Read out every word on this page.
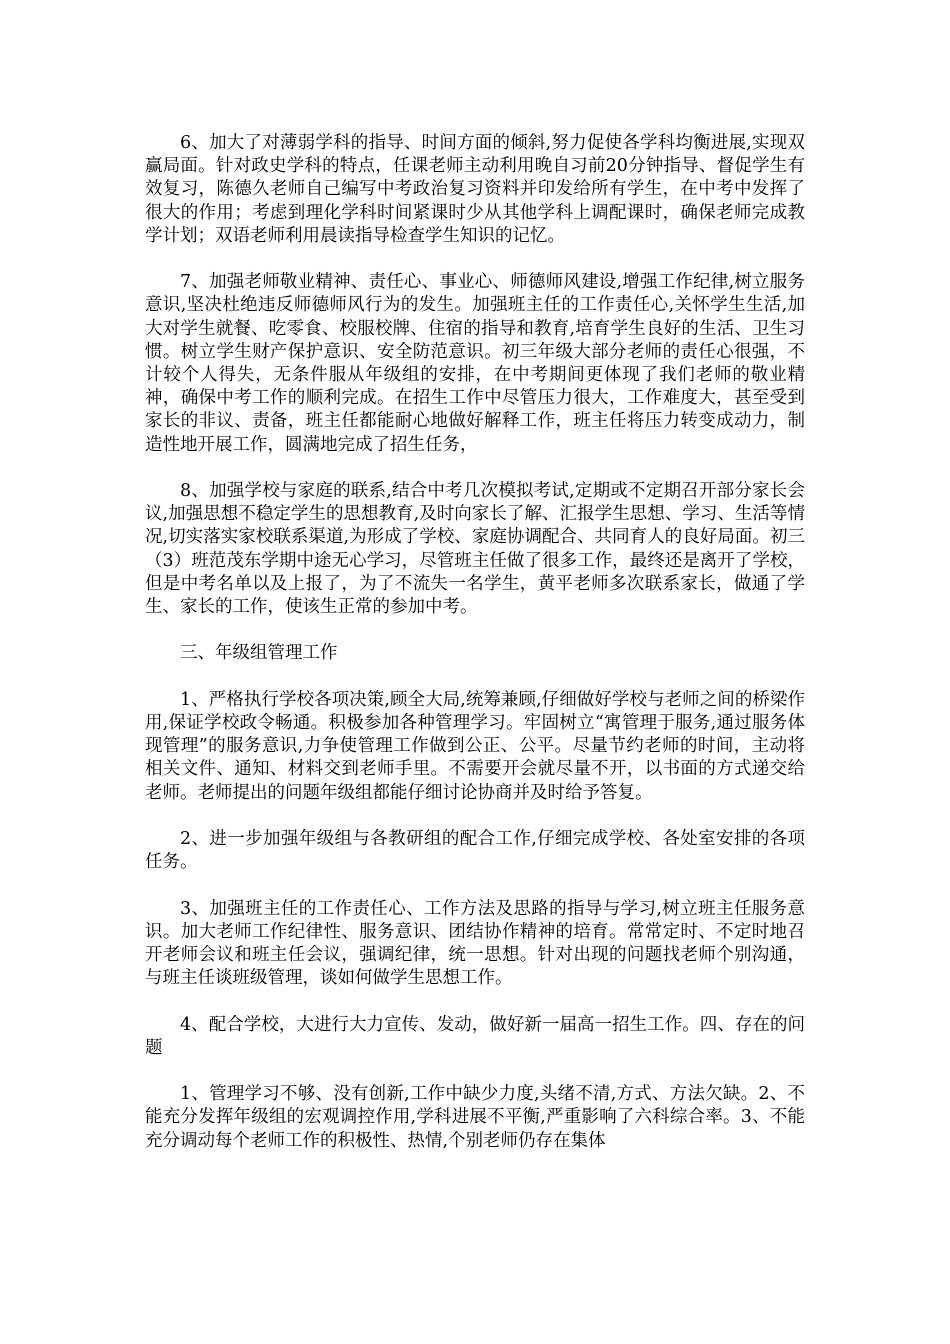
6、加大了对薄弱学科的指导、时间方面的倾斜,努力促使各学科均衡进展,实现双赢局面。针对政史学科的特点，任课老师主动利用晚自习前20分钟指导、督促学生有效复习，陈德久老师自己编写中考政治复习资料并印发给所有学生，在中考中发挥了很大的作用；考虑到理化学科时间紧课时少从其他学科上调配课时，确保老师完成教学计划；双语老师利用晨读指导检查学生知识的记忆。

7、加强老师敬业精神、责任心、事业心、师德师风建设,增强工作纪律,树立服务意识,坚决杜绝违反师德师风行为的发生。加强班主任的工作责任心,关怀学生生活,加大对学生就餐、吃零食、校服校牌、住宿的指导和教育,培育学生良好的生活、卫生习惯。树立学生财产保护意识、安全防范意识。初三年级大部分老师的责任心很强，不计较个人得失，无条件服从年级组的安排，在中考期间更体现了我们老师的敬业精神，确保中考工作的顺利完成。在招生工作中尽管压力很大，工作难度大，甚至受到家长的非议、责备，班主任都能耐心地做好解释工作，班主任将压力转变成动力，制造性地开展工作，圆满地完成了招生任务，

8、加强学校与家庭的联系,结合中考几次模拟考试,定期或不定期召开部分家长会议,加强思想不稳定学生的思想教育,及时向家长了解、汇报学生思想、学习、生活等情况,切实落实家校联系渠道,为形成了学校、家庭协调配合、共同育人的良好局面。初三（3）班范茂东学期中途无心学习，尽管班主任做了很多工作，最终还是离开了学校，但是中考名单以及上报了，为了不流失一名学生，黄平老师多次联系家长，做通了学生、家长的工作，使该生正常的参加中考。

三、年级组管理工作

1、严格执行学校各项决策,顾全大局,统筹兼顾,仔细做好学校与老师之间的桥梁作用,保证学校政令畅通。积极参加各种管理学习。牢固树立“寓管理于服务,通过服务体现管理”的服务意识,力争使管理工作做到公正、公平。尽量节约老师的时间，主动将相关文件、通知、材料交到老师手里。不需要开会就尽量不开，以书面的方式递交给老师。老师提出的问题年级组都能仔细讨论协商并及时给予答复。

2、进一步加强年级组与各教研组的配合工作,仔细完成学校、各处室安排的各项任务。

3、加强班主任的工作责任心、工作方法及思路的指导与学习,树立班主任服务意识。加大老师工作纪律性、服务意识、团结协作精神的培育。常常定时、不定时地召开老师会议和班主任会议，强调纪律，统一思想。针对出现的问题找老师个别沟通，与班主任谈班级管理，谈如何做学生思想工作。

4、配合学校，大进行大力宣传、发动，做好新一届高一招生工作。四、存在的问题

1、管理学习不够、没有创新,工作中缺少力度,头绪不清,方式、方法欠缺。2、不能充分发挥年级组的宏观调控作用,学科进展不平衡,严重影响了六科综合率。3、不能充分调动每个老师工作的积极性、热情,个别老师仍存在集体
